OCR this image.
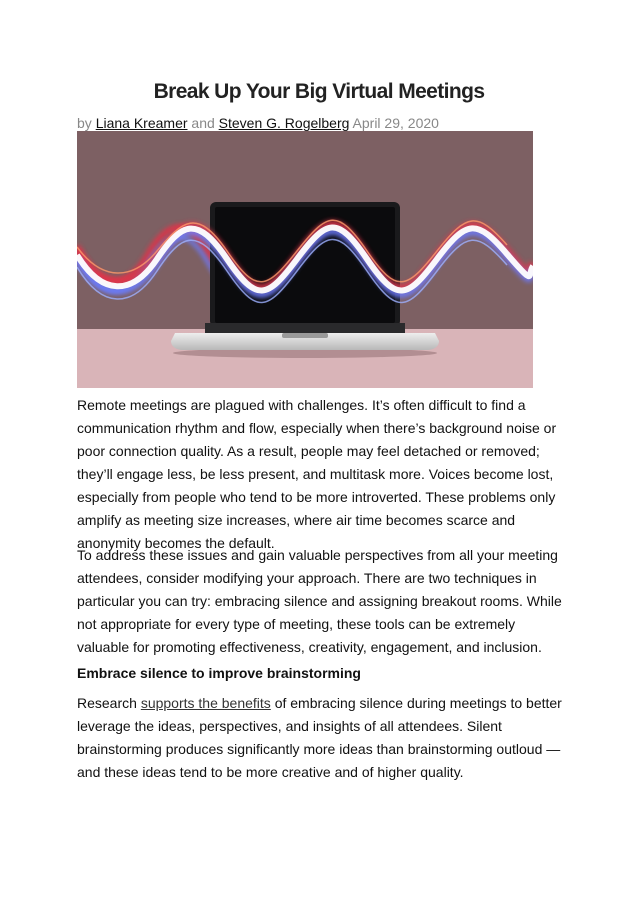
Break Up Your Big Virtual Meetings
by Liana Kreamer and Steven G. Rogelberg April 29, 2020

Remote meetings are plagued with challenges. It’s often difficult to find a communication rhythm and flow, especially when there’s background noise or poor connection quality. As a result, people may feel detached or removed; they’ll engage less, be less present, and multitask more. Voices become lost, especially from people who tend to be more introverted. These problems only amplify as meeting size increases, where air time becomes scarce and anonymity becomes the default.

To address these issues and gain valuable perspectives from all your meeting attendees, consider modifying your approach. There are two techniques in particular you can try: embracing silence and assigning breakout rooms. While not appropriate for every type of meeting, these tools can be extremely valuable for promoting effectiveness, creativity, engagement, and inclusion.

Embrace silence to improve brainstorming

Research supports the benefits of embracing silence during meetings to better leverage the ideas, perspectives, and insights of all attendees. Silent brainstorming produces significantly more ideas than brainstorming outloud — and these ideas tend to be more creative and of higher quality.
